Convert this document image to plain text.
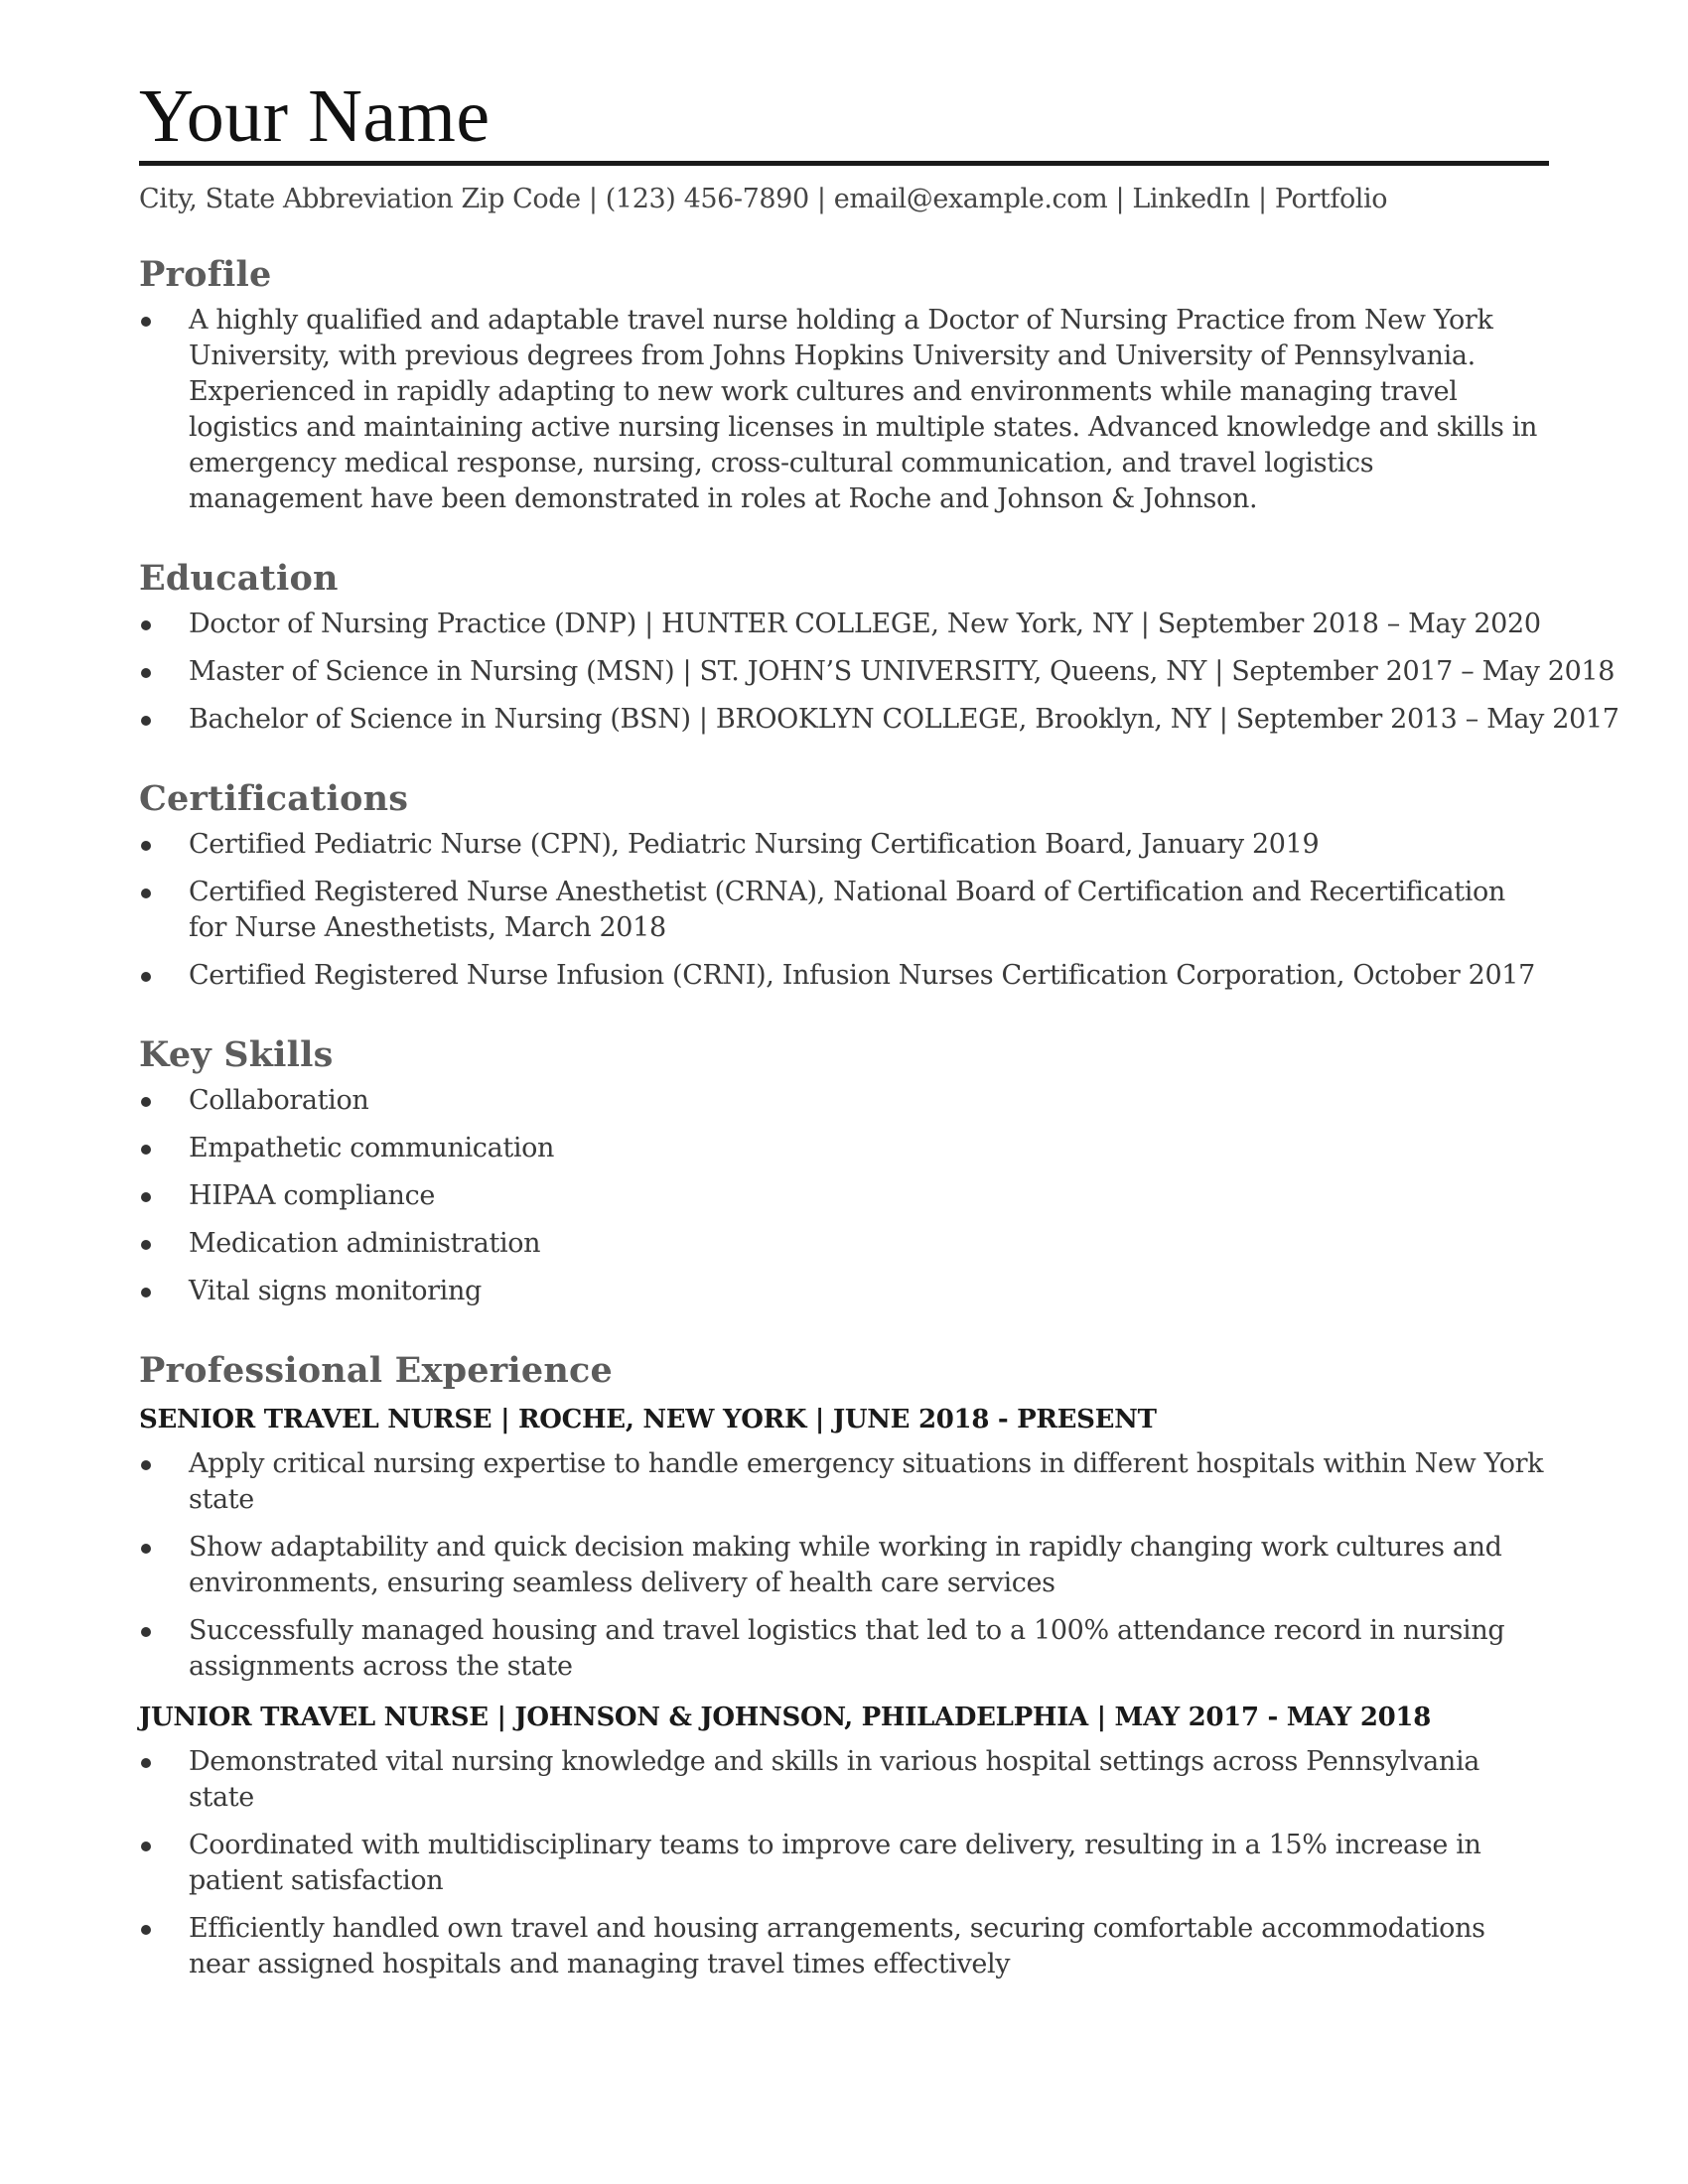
Your Name
City, State Abbreviation Zip Code | (123) 456-7890 | email@example.com | LinkedIn | Portfolio
Profile
A highly qualified and adaptable travel nurse holding a Doctor of Nursing Practice from New York University, with previous degrees from Johns Hopkins University and University of Pennsylvania. Experienced in rapidly adapting to new work cultures and environments while managing travel logistics and maintaining active nursing licenses in multiple states. Advanced knowledge and skills in emergency medical response, nursing, cross-cultural communication, and travel logistics management have been demonstrated in roles at Roche and Johnson & Johnson.
Education
Doctor of Nursing Practice (DNP) | HUNTER COLLEGE, New York, NY | September 2018 – May 2020
Master of Science in Nursing (MSN) | ST. JOHN’S UNIVERSITY, Queens, NY | September 2017 – May 2018
Bachelor of Science in Nursing (BSN) | BROOKLYN COLLEGE, Brooklyn, NY | September 2013 – May 2017
Certifications
Certified Pediatric Nurse (CPN), Pediatric Nursing Certification Board, January 2019
Certified Registered Nurse Anesthetist (CRNA), National Board of Certification and Recertification for Nurse Anesthetists, March 2018
Certified Registered Nurse Infusion (CRNI), Infusion Nurses Certification Corporation, October 2017
Key Skills
Collaboration
Empathetic communication
HIPAA compliance
Medication administration
Vital signs monitoring
Professional Experience
SENIOR TRAVEL NURSE | ROCHE, NEW YORK | JUNE 2018 - PRESENT
Apply critical nursing expertise to handle emergency situations in different hospitals within New York state
Show adaptability and quick decision making while working in rapidly changing work cultures and environments, ensuring seamless delivery of health care services
Successfully managed housing and travel logistics that led to a 100% attendance record in nursing assignments across the state
JUNIOR TRAVEL NURSE | JOHNSON & JOHNSON, PHILADELPHIA | MAY 2017 - MAY 2018
Demonstrated vital nursing knowledge and skills in various hospital settings across Pennsylvania state
Coordinated with multidisciplinary teams to improve care delivery, resulting in a 15% increase in patient satisfaction
Efficiently handled own travel and housing arrangements, securing comfortable accommodations near assigned hospitals and managing travel times effectively
